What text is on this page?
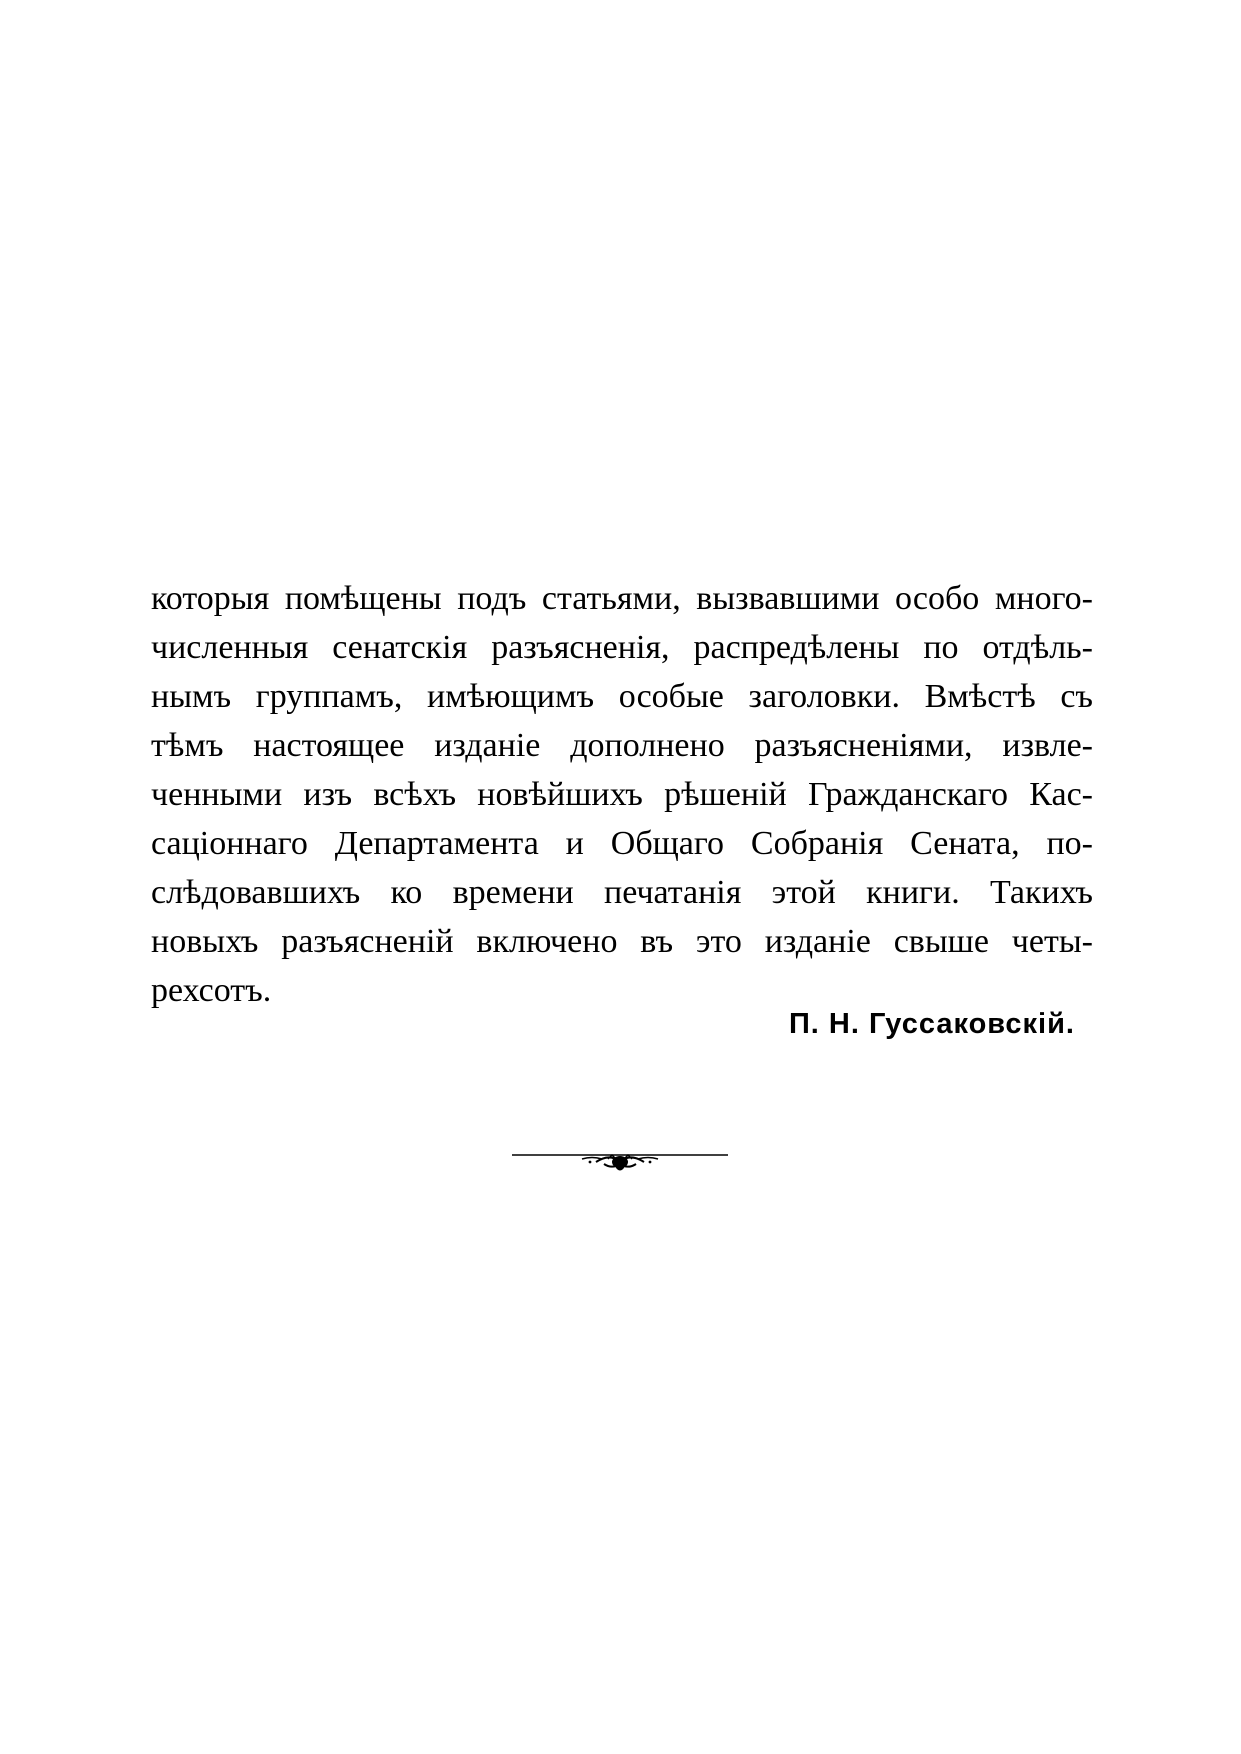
которыя помѣщены подъ статьями, вызвавшими особо много-
численныя сенатскія разъясненія, распредѣлены по отдѣль-
нымъ группамъ, имѣющимъ особые заголовки. Вмѣстѣ съ
тѣмъ настоящее изданіе дополнено разъясненіями, извле-
ченными изъ всѣхъ новѣйшихъ рѣшеній Гражданскаго Кас-
саціоннаго Департамента и Общаго Собранія Сената, по-
слѣдовавшихъ ко времени печатанія этой книги. Такихъ
новыхъ разъясненій включено въ это изданіе свыше четы-
рехсотъ.
П. Н. Гуссаковскій.
